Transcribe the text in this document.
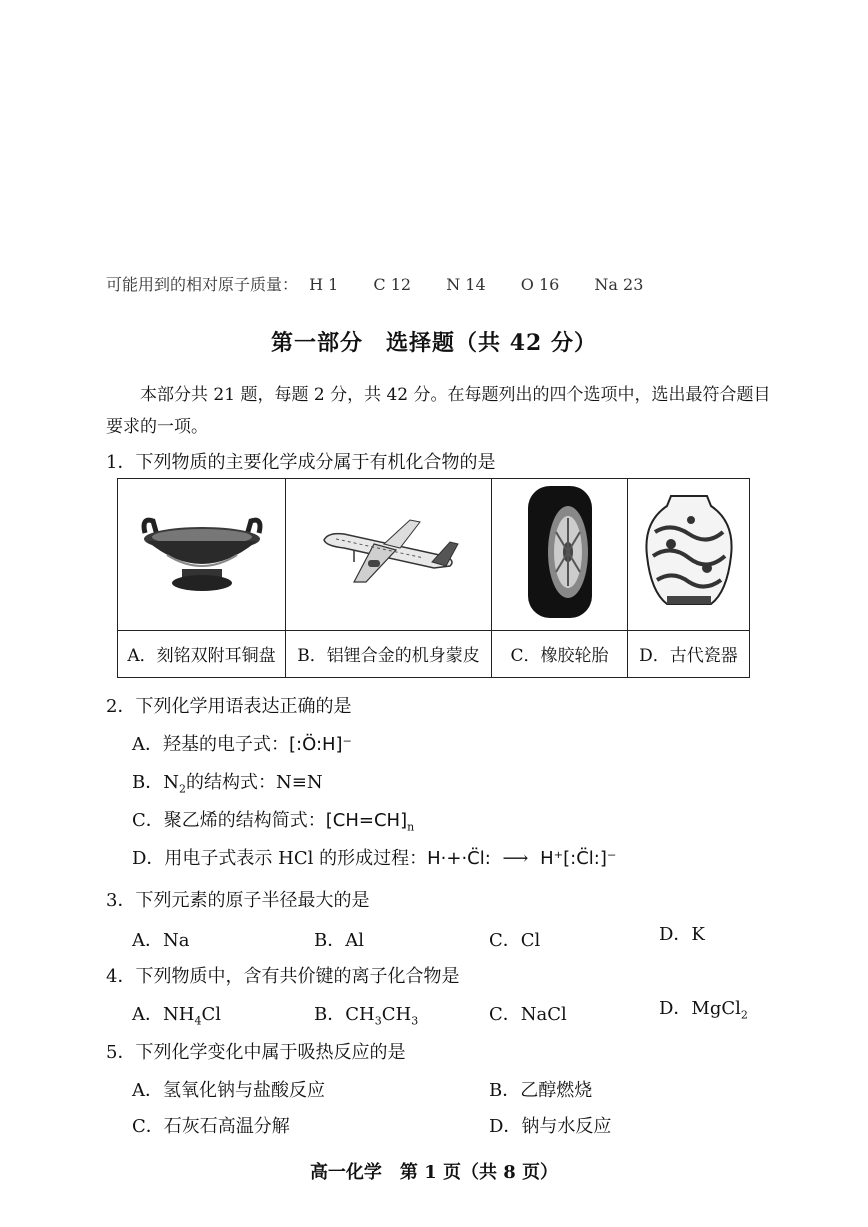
可能用到的相对原子质量： H 1 C 12 N 14 O 16 Na 23
第一部分　选择题（共 42 分）
本部分共 21 题，每题 2 分，共 42 分。在每题列出的四个选项中，选出最符合题目
要求的一项。
1．下列物质的主要化学成分属于有机化合物的是

A．刻铭双附耳铜盘	B．铝锂合金的机身蒙皮	C．橡胶轮胎	D．古代瓷器
2．下列化学用语表达正确的是
A．羟基的电子式：[:Ö:H]⁻
B．$N_2$的结构式：N≡N
C．聚乙烯的结构简式：$[CH=CH]_n$
D．用电子式表示 HCl 的形成过程：H·+·C̈l: ⟶ H⁺[:C̈l:]⁻
3．下列元素的原子半径最大的是
A．Na	B．Al	C．Cl	D．K
4．下列物质中，含有共价键的离子化合物是
A．$NH_4Cl$	B．$CH_3CH_3$	C．NaCl	D．MgCl$_2$
5．下列化学变化中属于吸热反应的是
A．氢氧化钠与盐酸反应	B．乙醇燃烧
C．石灰石高温分解	D．钠与水反应
高一化学　第 1 页（共 8 页）
